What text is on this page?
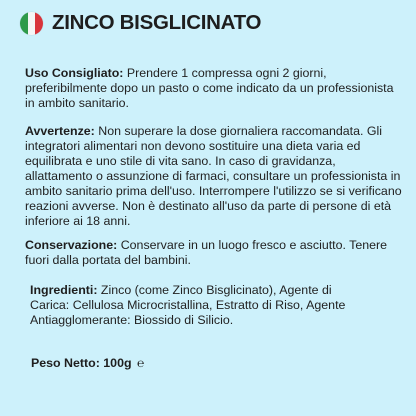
ZINCO BISGLICINATO
Uso Consigliato: Prendere 1 compressa ogni 2 giorni, preferibilmente dopo un pasto o come indicato da un professionista in ambito sanitario.
Avvertenze: Non superare la dose giornaliera raccomandata. Gli integratori alimentari non devono sostituire una dieta varia ed equilibrata e uno stile di vita sano. In caso di gravidanza, allattamento o assunzione di farmaci, consultare un professionista in ambito sanitario prima dell'uso. Interrompere l'utilizzo se si verificano reazioni avverse. Non è destinato all'uso da parte di persone di età inferiore ai 18 anni.
Conservazione: Conservare in un luogo fresco e asciutto. Tenere fuori dalla portata del bambini.
Ingredienti: Zinco (come Zinco Bisglicinato), Agente di Carica: Cellulosa Microcristallina, Estratto di Riso, Agente Antiagglomerante: Biossido di Silicio.
Peso Netto: 100g ℮
